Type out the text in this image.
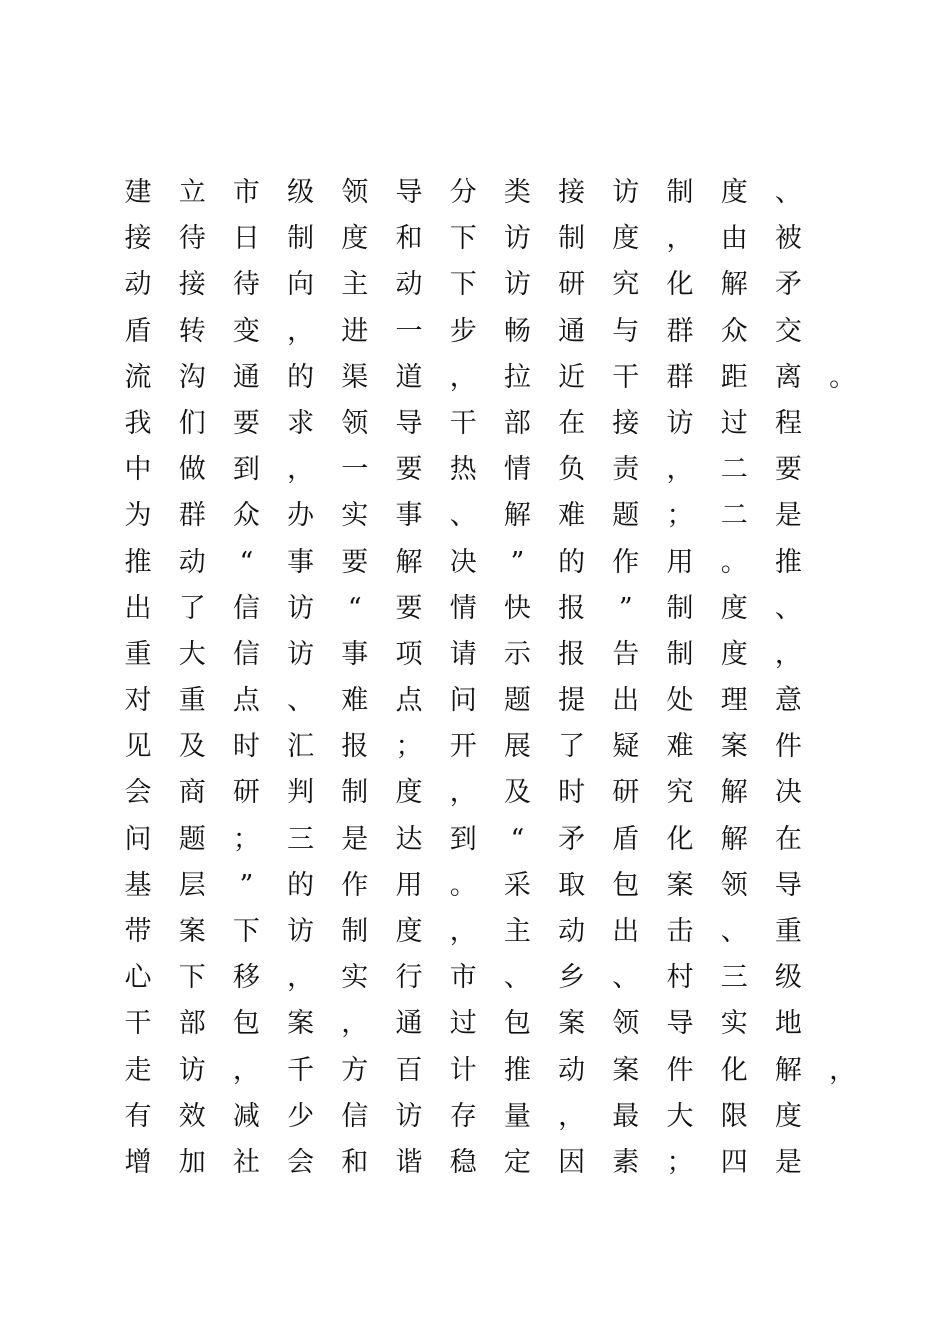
建 立 市 级 领 导 分 类 接 访 制 度 、
接 待 日 制 度 和 下 访 制 度 ， 由 被
动 接 待 向 主 动 下 访 研 究 化 解 矛
盾 转 变 ， 进 一 步 畅 通 与 群 众 交
流 沟 通 的 渠 道 ， 拉 近 干 群 距 离 。
我 们 要 求 领 导 干 部 在 接 访 过 程
中 做 到 ， 一 要 热 情 负 责 ， 二 要
为 群 众 办 实 事 、 解 难 题 ； 二 是
推 动	“	事 要 解 决	”	的 作 用 。 推
出 了 信 访	“	要 情 快 报	”	制 度 、
重 大 信 访 事 项 请 示 报 告 制 度 ，
对 重 点 、 难 点 问 题 提 出 处 理 意
见 及 时 汇 报 ； 开 展 了 疑 难 案 件
会 商 研 判 制 度 ， 及 时 研 究 解 决
问 题 ； 三 是 达 到	“	矛 盾 化 解 在
基 层	”	的 作 用 。 采 取 包 案 领 导
带 案 下 访 制 度 ， 主 动 出 击 、 重
心 下 移 ， 实 行 市 、 乡 、 村 三 级
干 部 包 案 ， 通 过 包 案 领 导 实 地
走 访 ， 千 方 百 计 推 动 案 件 化 解 ，
有 效 减 少 信 访 存 量 ， 最 大 限 度
增 加 社 会 和 谐 稳 定 因 素 ； 四 是
